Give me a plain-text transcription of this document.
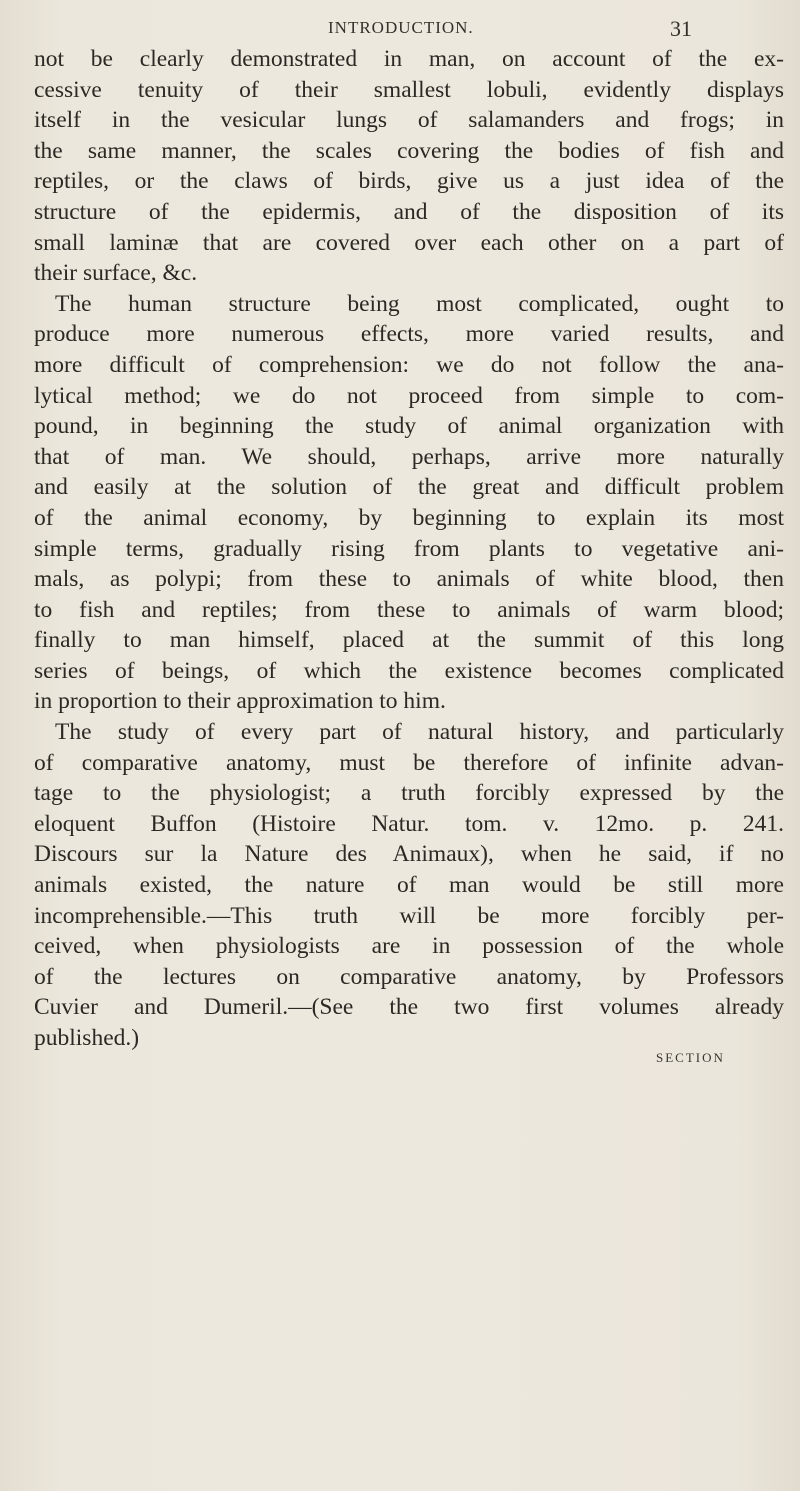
INTRODUCTION.	31
not be clearly demonstrated in man, on account of the ex-
cessive tenuity of their smallest lobuli, evidently displays
itself in the vesicular lungs of salamanders and frogs; in
the same manner, the scales covering the bodies of fish and
reptiles, or the claws of birds, give us a just idea of the
structure of the epidermis, and of the disposition of its
small laminæ that are covered over each other on a part of
their surface, &c.
The human structure being most complicated, ought to
produce more numerous effects, more varied results, and
more difficult of comprehension: we do not follow the ana-
lytical method; we do not proceed from simple to com-
pound, in beginning the study of animal organization with
that of man. We should, perhaps, arrive more naturally
and easily at the solution of the great and difficult problem
of the animal economy, by beginning to explain its most
simple terms, gradually rising from plants to vegetative ani-
mals, as polypi; from these to animals of white blood, then
to fish and reptiles; from these to animals of warm blood;
finally to man himself, placed at the summit of this long
series of beings, of which the existence becomes complicated
in proportion to their approximation to him.
The study of every part of natural history, and particularly
of comparative anatomy, must be therefore of infinite advan-
tage to the physiologist; a truth forcibly expressed by the
eloquent Buffon (Histoire Natur. tom. v. 12mo. p. 241.
Discours sur la Nature des Animaux), when he said, if no
animals existed, the nature of man would be still more
incomprehensible.—This truth will be more forcibly per-
ceived, when physiologists are in possession of the whole
of the lectures on comparative anatomy, by Professors
Cuvier and Dumeril.—(See the two first volumes already
published.)
SECTION
